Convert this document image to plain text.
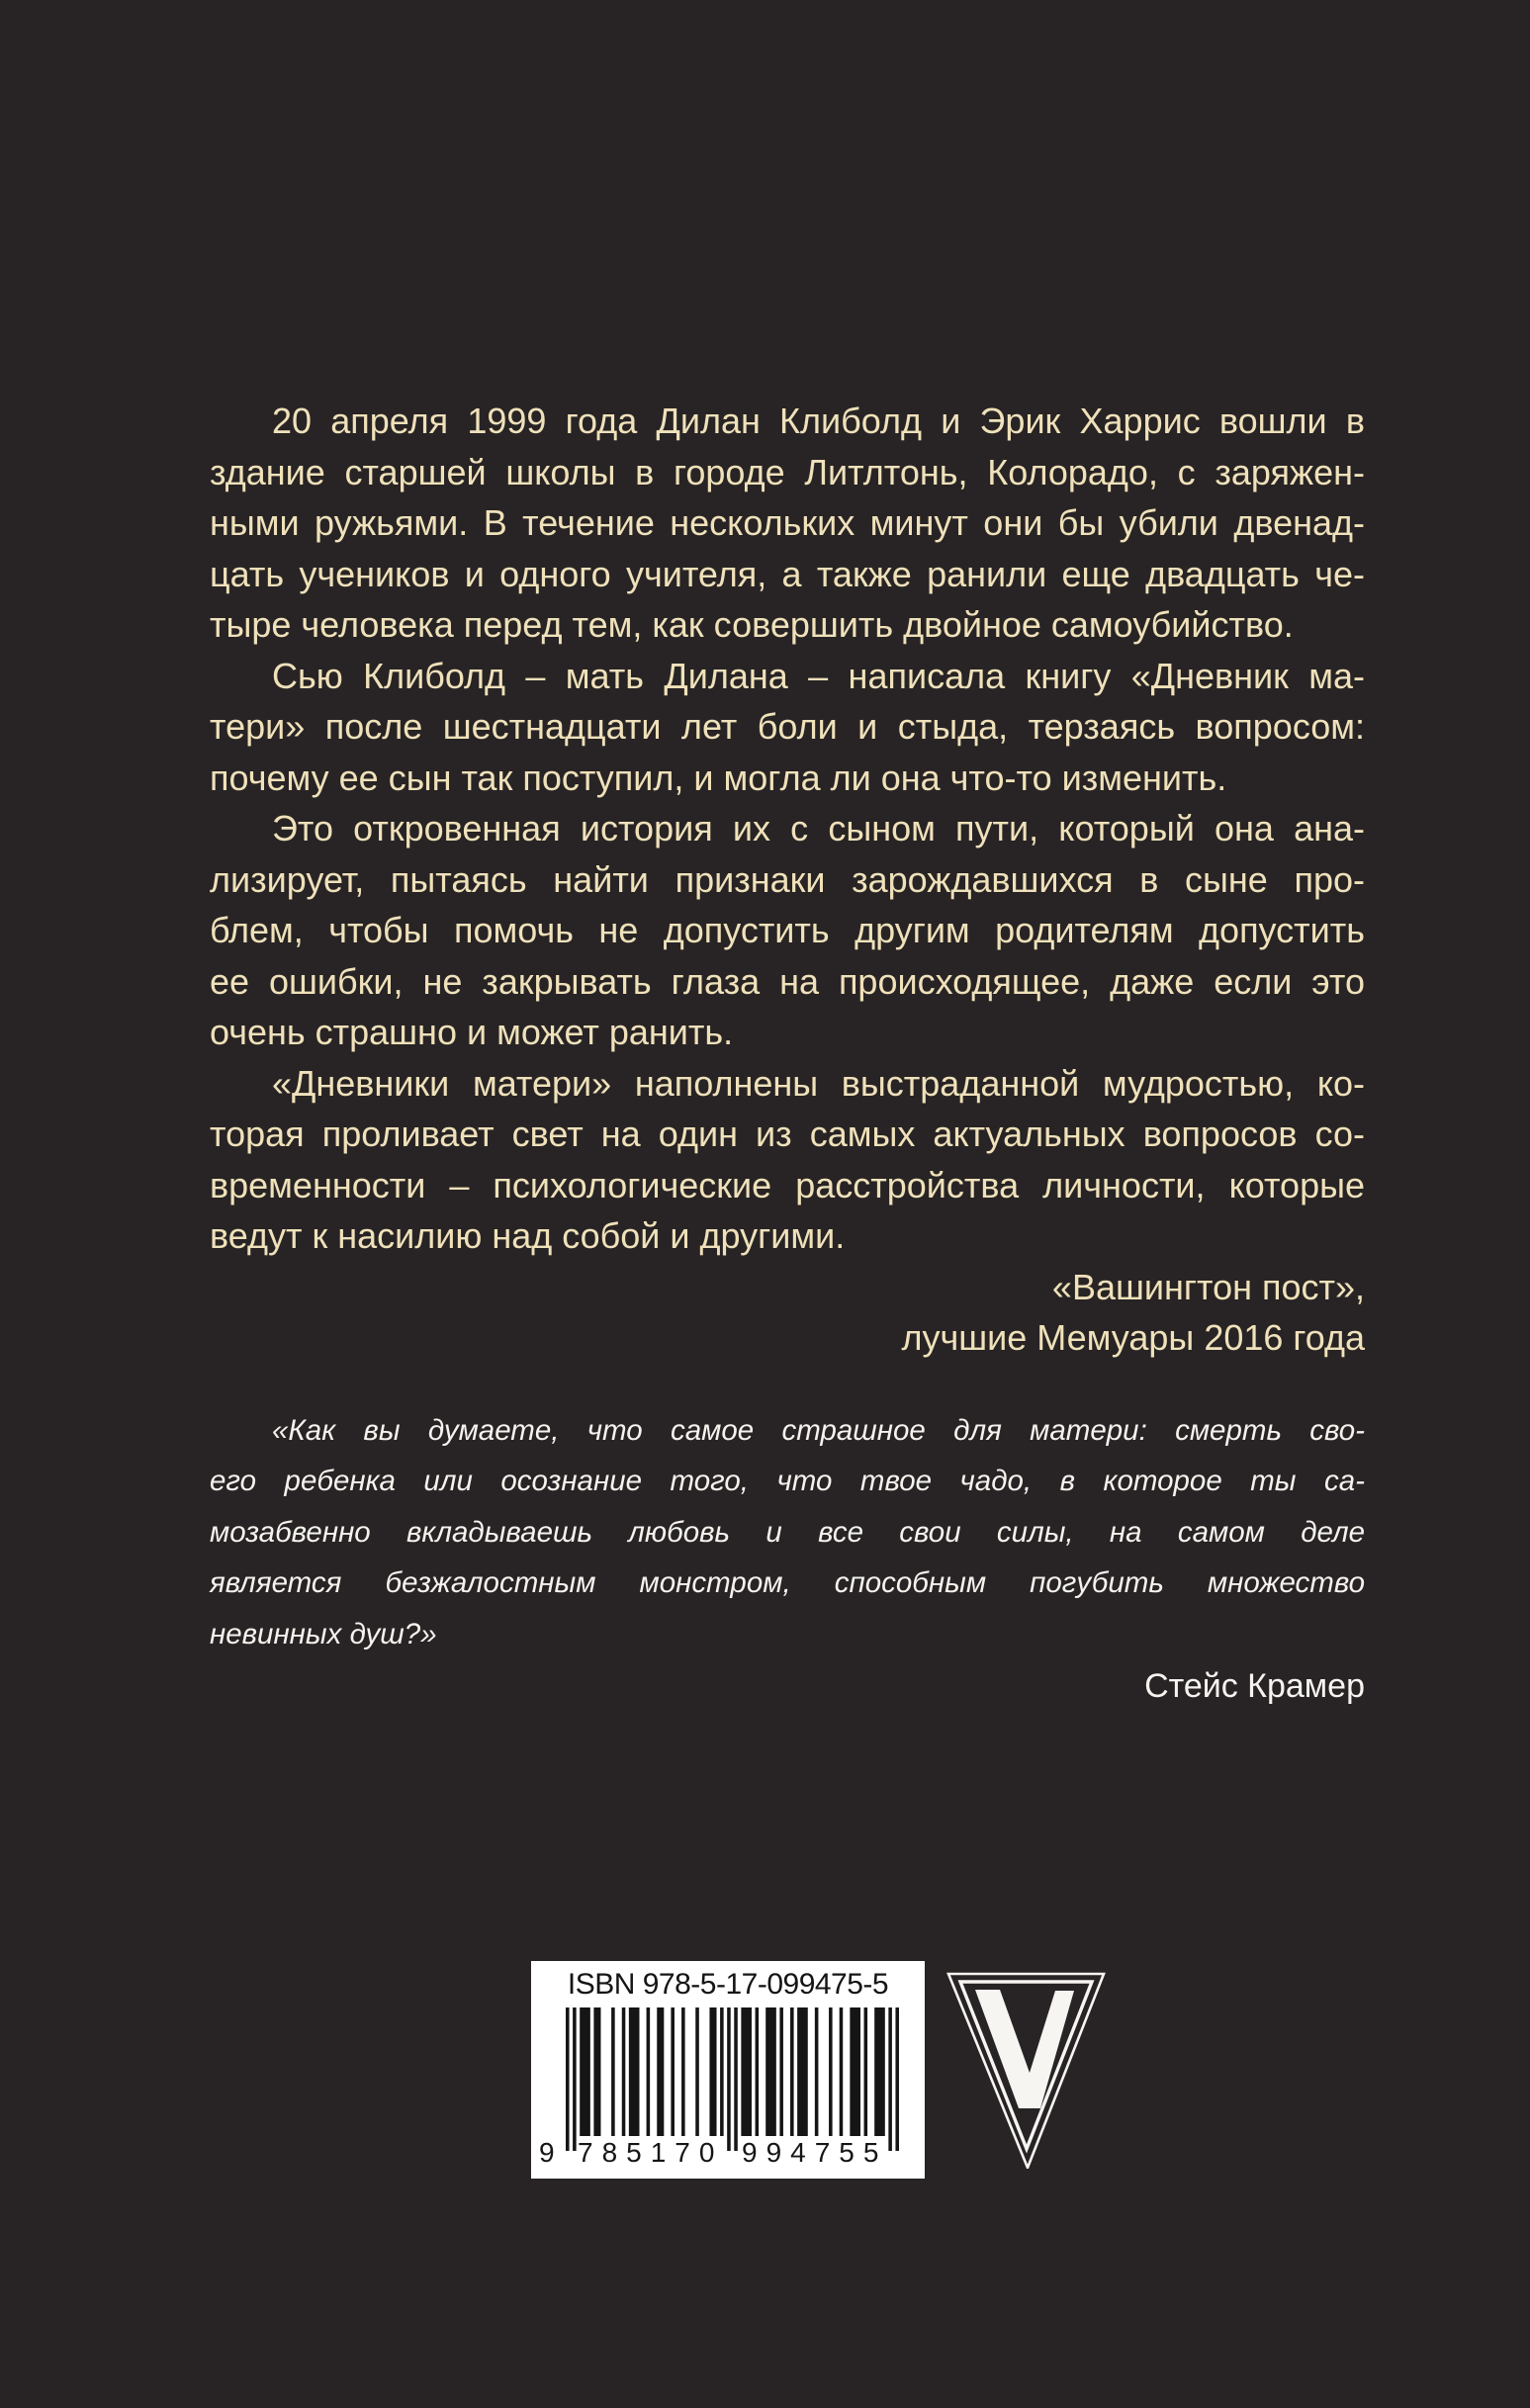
20 апреля 1999 года Дилан Клиболд и Эрик Харрис вошли в
здание старшей школы в городе Литлтонь, Колорадо, с заряжен-
ными ружьями. В течение нескольких минут они бы убили двенад-
цать учеников и одного учителя, а также ранили еще двадцать че-
тыре человека перед тем, как совершить двойное самоубийство.
Сью Клиболд – мать Дилана – написала книгу «Дневник ма-
тери» после шестнадцати лет боли и стыда, терзаясь вопросом:
почему ее сын так поступил, и могла ли она что-то изменить.
Это откровенная история их с сыном пути, который она ана-
лизирует, пытаясь найти признаки зарождавшихся в сыне про-
блем, чтобы помочь не допустить другим родителям допустить
ее ошибки, не закрывать глаза на происходящее, даже если это
очень страшно и может ранить.
«Дневники матери» наполнены выстраданной мудростью, ко-
торая проливает свет на один из самых актуальных вопросов со-
временности – психологические расстройства личности, которые
ведут к насилию над собой и другими.
«Вашингтон пост»,
лучшие Мемуары 2016 года
«Как вы думаете, что самое страшное для матери: смерть сво-
его ребенка или осознание того, что твое чадо, в которое ты са-
мозабвенно вкладываешь любовь и все свои силы, на самом деле
является безжалостным монстром, способным погубить множество
невинных душ?»
Стейс Крамер
ISBN 978-5-17-099475-5
9 785170 994755
